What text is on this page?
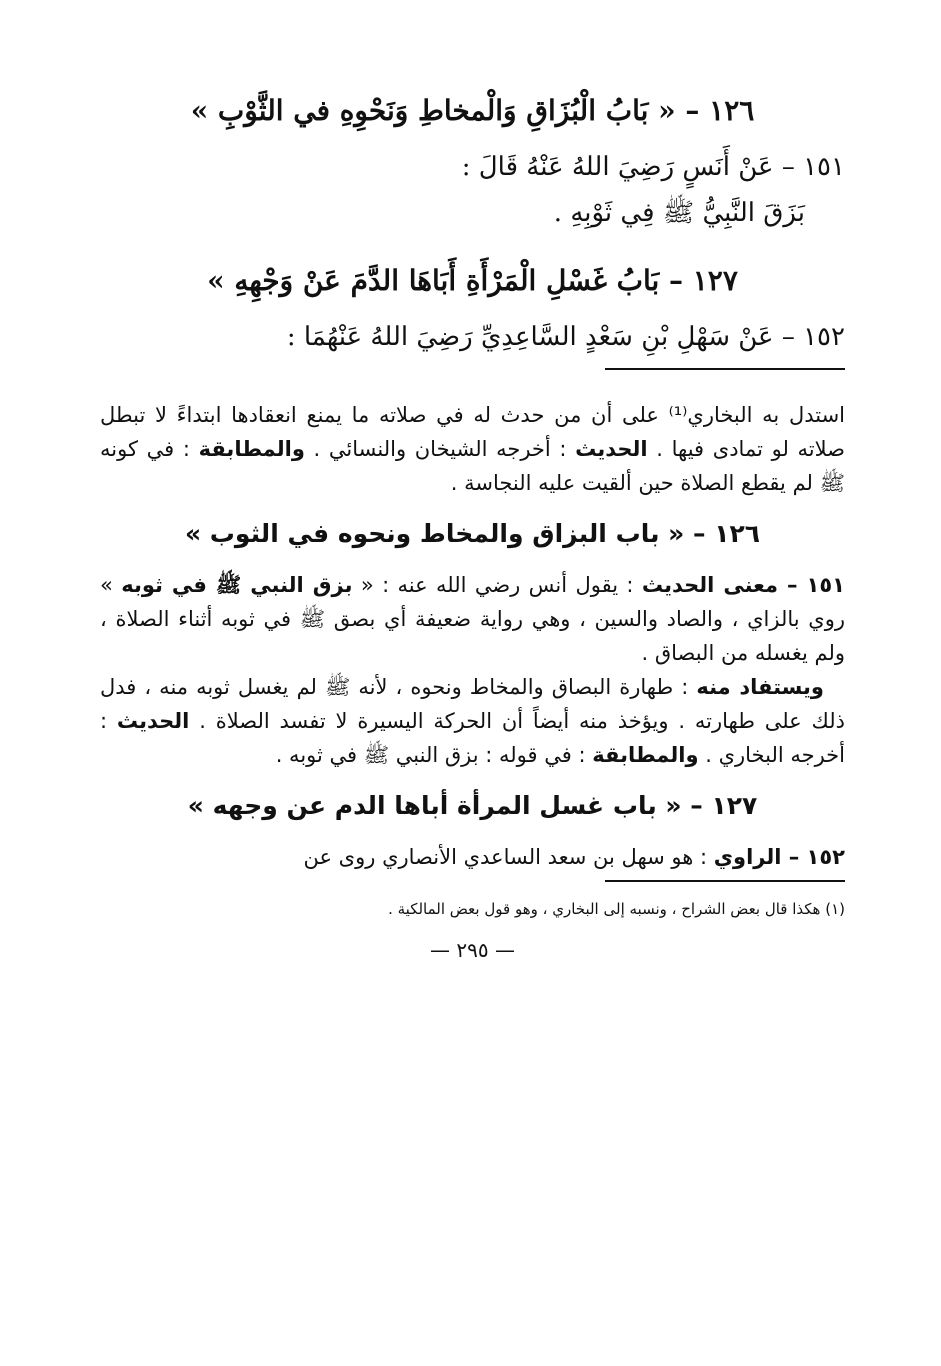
١٢٦ – « بَابُ الْبُزَاقِ وَالْمخاطِ وَنَحْوِهِ في الثَّوْبِ »

١٥١ – عَنْ أَنَسٍ رَضِيَ اللهُ عَنْهُ قَالَ :

بَزَقَ النَّبِيُّ ﷺ فِي ثَوْبِهِ .

١٢٧ – بَابُ غَسْلِ الْمَرْأَةِ أَبَاهَا الدَّمَ عَنْ وَجْهِهِ »

١٥٢ – عَنْ سَهْلِ بْنِ سَعْدٍ السَّاعِدِيِّ رَضِيَ اللهُ عَنْهُمَا :

استدل به البخاري⁽¹⁾ على أن من حدث له في صلاته ما يمنع انعقادها ابتداءً لا تبطل صلاته لو تمادى فيها . الحديث : أخرجه الشيخان والنسائي . والمطابقة : في كونه ﷺ لم يقطع الصلاة حين ألقيت عليه النجاسة .

١٢٦ – « باب البزاق والمخاط ونحوه في الثوب »

١٥١ – معنى الحديث : يقول أنس رضي الله عنه : « بزق النبي ﷺ في ثوبه » روي بالزاي ، والصاد والسين ، وهي رواية ضعيفة أي بصق ﷺ في ثوبه أثناء الصلاة ، ولم يغسله من البصاق .

 ويستفاد منه : طهارة البصاق والمخاط ونحوه ، لأنه ﷺ لم يغسل ثوبه منه ، فدل ذلك على طهارته . ويؤخذ منه أيضاً أن الحركة اليسيرة لا تفسد الصلاة . الحديث : أخرجه البخاري . والمطابقة : في قوله : بزق النبي ﷺ في ثوبه .

١٢٧ – « باب غسل المرأة أباها الدم عن وجهه »

١٥٢ – الراوي : هو سهل بن سعد الساعدي الأنصاري روى عن

(١) هكذا قال بعض الشراح ، ونسبه إلى البخاري ، وهو قول بعض المالكية .

— ٢٩٥ —
